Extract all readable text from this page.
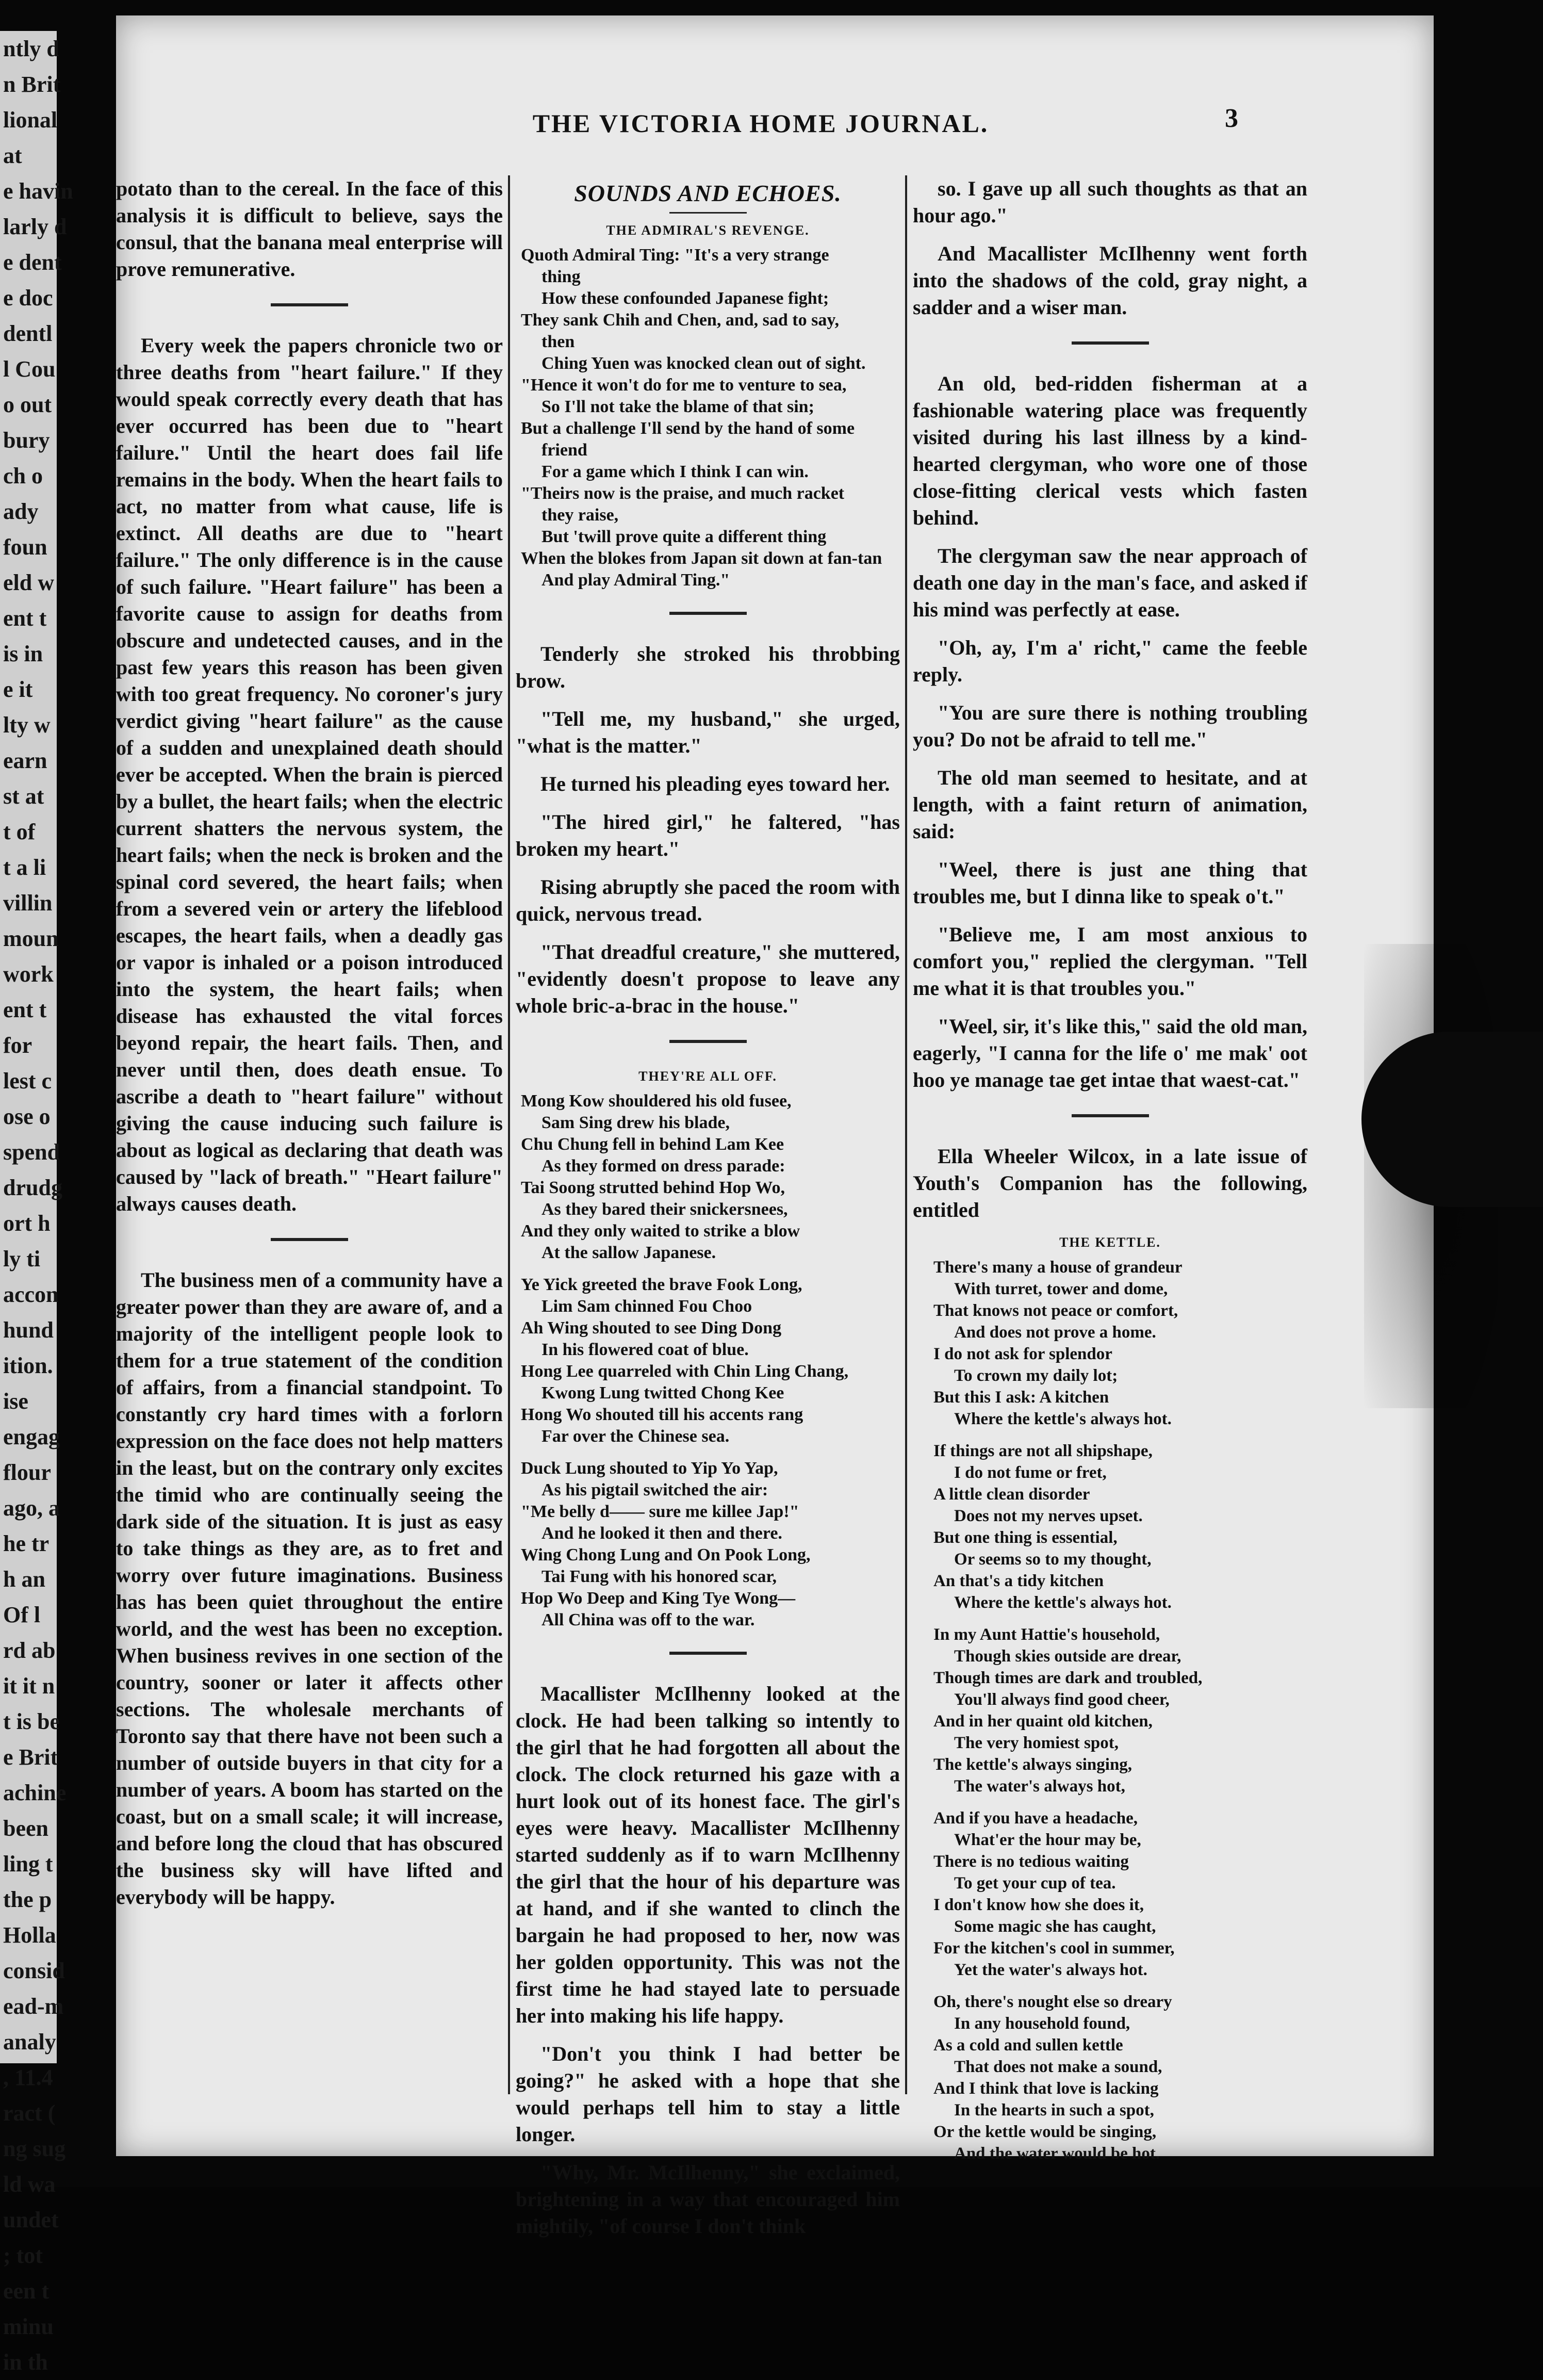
ntly d
n Brit
lional
at
e havin
larly d
e dent
e doc
dentl
l Cou
o out
bury
ch o
ady
foun
eld w
ent t
is in
e it
lty w
earn
st at
t of
t a li
villin
moun
work
ent t
for
lest c
ose o
spend
drudg
ort h
ly ti
accon
hund
ition.
ise
engag
flour
ago, a
he tr
h an
Of l
rd ab
it it n
t is be
e Brit
achine
been
ling t
the p
Holla
consid
ead-m
analy
, 11.4
ract (
ng sug
ld wa
undet
; tot
een t
minu
in th
THE VICTORIA HOME JOURNAL.	3

potato than to the cereal. In the face of this analysis it is difficult to believe, says the consul, that the banana meal enterprise will prove remunerative.

Every week the papers chronicle two or three deaths from "heart failure." If they would speak correctly every death that has ever occurred has been due to "heart failure." Until the heart does fail life remains in the body. When the heart fails to act, no matter from what cause, life is extinct. All deaths are due to "heart failure." The only difference is in the cause of such failure. "Heart failure" has been a favorite cause to assign for deaths from obscure and undetected causes, and in the past few years this reason has been given with too great frequency. No coroner's jury verdict giving "heart failure" as the cause of a sudden and unexplained death should ever be accepted. When the brain is pierced by a bullet, the heart fails; when the electric current shatters the nervous system, the heart fails; when the neck is broken and the spinal cord severed, the heart fails; when from a severed vein or artery the lifeblood escapes, the heart fails, when a deadly gas or vapor is inhaled or a poison introduced into the system, the heart fails; when disease has exhausted the vital forces beyond repair, the heart fails. Then, and never until then, does death ensue. To ascribe a death to "heart failure" without giving the cause inducing such failure is about as logical as declaring that death was caused by "lack of breath." "Heart failure" always causes death.

The business men of a community have a greater power than they are aware of, and a majority of the intelligent people look to them for a true statement of the condition of affairs, from a financial standpoint. To constantly cry hard times with a forlorn expression on the face does not help matters in the least, but on the contrary only excites the timid who are continually seeing the dark side of the situation. It is just as easy to take things as they are, as to fret and worry over future imaginations. Business has has been quiet throughout the entire world, and the west has been no exception. When business revives in one section of the country, sooner or later it affects other sections. The wholesale merchants of Toronto say that there have not been such a number of outside buyers in that city for a number of years. A boom has started on the coast, but on a small scale; it will increase, and before long the cloud that has obscured the business sky will have lifted and everybody will be happy.

SOUNDS AND ECHOES.
THE ADMIRAL'S REVENGE.
Quoth Admiral Ting: "It's a very strange
thing
How these confounded Japanese fight;
They sank Chih and Chen, and, sad to say,
then
Ching Yuen was knocked clean out of sight.
"Hence it won't do for me to venture to sea,
So I'll not take the blame of that sin;
But a challenge I'll send by the hand of some
friend
For a game which I think I can win.
"Theirs now is the praise, and much racket
they raise,
But 'twill prove quite a different thing
When the blokes from Japan sit down at fan-tan
And play Admiral Ting."

Tenderly she stroked his throbbing brow.

"Tell me, my husband," she urged, "what is the matter."

He turned his pleading eyes toward her.

"The hired girl," he faltered, "has broken my heart."

Rising abruptly she paced the room with quick, nervous tread.

"That dreadful creature," she muttered, "evidently doesn't propose to leave any whole bric-a-brac in the house."

THEY'RE ALL OFF.
Mong Kow shouldered his old fusee,
Sam Sing drew his blade,
Chu Chung fell in behind Lam Kee
As they formed on dress parade:
Tai Soong strutted behind Hop Wo,
As they bared their snickersnees,
And they only waited to strike a blow
At the sallow Japanese.
Ye Yick greeted the brave Fook Long,
Lim Sam chinned Fou Choo
Ah Wing shouted to see Ding Dong
In his flowered coat of blue.
Hong Lee quarreled with Chin Ling Chang,
Kwong Lung twitted Chong Kee
Hong Wo shouted till his accents rang
Far over the Chinese sea.
Duck Lung shouted to Yip Yo Yap,
As his pigtail switched the air:
"Me belly d—— sure me killee Jap!"
And he looked it then and there.
Wing Chong Lung and On Pook Long,
Tai Fung with his honored scar,
Hop Wo Deep and King Tye Wong—
All China was off to the war.

Macallister McIlhenny looked at the clock. He had been talking so intently to the girl that he had forgotten all about the clock. The clock returned his gaze with a hurt look out of its honest face. The girl's eyes were heavy. Macallister McIlhenny started suddenly as if to warn McIlhenny the girl that the hour of his departure was at hand, and if she wanted to clinch the bargain he had proposed to her, now was her golden opportunity. This was not the first time he had stayed late to persuade her into making his life happy.

"Don't you think I had better be going?" he asked with a hope that she would perhaps tell him to stay a little longer.

"Why, Mr. McIlhenny," she exclaimed, brightening in a way that encouraged him mightily, "of course I don't think

so. I gave up all such thoughts as that an hour ago."

And Macallister McIlhenny went forth into the shadows of the cold, gray night, a sadder and a wiser man.

An old, bed-ridden fisherman at a fashionable watering place was frequently visited during his last illness by a kind-hearted clergyman, who wore one of those close-fitting clerical vests which fasten behind.

The clergyman saw the near approach of death one day in the man's face, and asked if his mind was perfectly at ease.

"Oh, ay, I'm a' richt," came the feeble reply.

"You are sure there is nothing troubling you? Do not be afraid to tell me."

The old man seemed to hesitate, and at length, with a faint return of animation, said:

"Weel, there is just ane thing that troubles me, but I dinna like to speak o't."

"Believe me, I am most anxious to comfort you," replied the clergyman. "Tell me what it is that troubles you."

"Weel, sir, it's like this," said the old man, eagerly, "I canna for the life o' me mak' oot hoo ye manage tae get intae that waest-cat."

Ella Wheeler Wilcox, in a late issue of Youth's Companion has the following, entitled

THE KETTLE.
There's many a house of grandeur
With turret, tower and dome,
That knows not peace or comfort,
And does not prove a home.
I do not ask for splendor
To crown my daily lot;
But this I ask: A kitchen
Where the kettle's always hot.
If things are not all shipshape,
I do not fume or fret,
A little clean disorder
Does not my nerves upset.
But one thing is essential,
Or seems so to my thought,
An that's a tidy kitchen
Where the kettle's always hot.
In my Aunt Hattie's household,
Though skies outside are drear,
Though times are dark and troubled,
You'll always find good cheer,
And in her quaint old kitchen,
The very homiest spot,
The kettle's always singing,
The water's always hot,
And if you have a headache,
What'er the hour may be,
There is no tedious waiting
To get your cup of tea.
I don't know how she does it,
Some magic she has caught,
For the kitchen's cool in summer,
Yet the water's always hot.
Oh, there's nought else so dreary
In any household found,
As a cold and sullen kettle
That does not make a sound,
And I think that love is lacking
In the hearts in such a spot,
Or the kettle would be singing,
And the water would be hot.
